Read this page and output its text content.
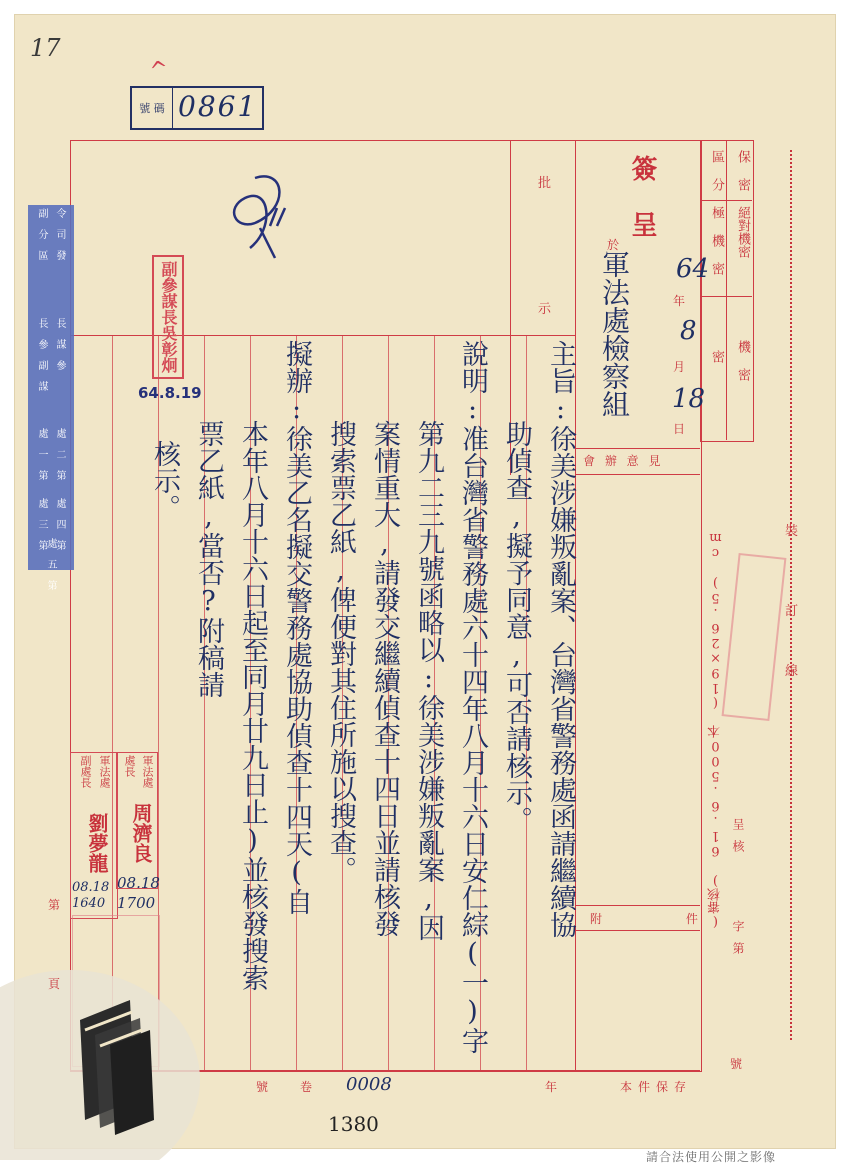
17
^
號 碼 0861
保 密
區 分
絕對機密
極 機 密
機 密
密
簽 呈
批
示
於
軍法處檢察組 64
年
8
月
18
日
會 辦 意 見
附 件
(審核) 61.6.500本 (19×26.5) cm	裝
訂
線
呈核
字第
號
副 分 區 令 司 發
長 參 副 謀 長 謀 參
處 一 第 處 二 第
處 三 第 處 四 第
處 五 第
副參謀長吳彰炯
64.8.19	主旨:徐美涉嫌叛亂案、台灣省警務處函請繼續協
助偵查,擬予同意,可否請核示。
說明:准台灣省警務處六十四年八月十六日安仁綜(一)字
第九二三九號函略以:徐美涉嫌叛亂案,因
案情重大,請發交繼續偵查十四日並請核發
搜索票乙紙,俾便對其住所施以搜查。
擬辦:徐美乙名擬交警務處協助偵查十四天(自
本年八月十六日起至同月廿九日止)並核發搜索
票乙紙,當否?附稿請
核示。
軍法處
副處長
劉夢龍
軍法處
處長
周濟良
08.18
1640
08.18
1700
第
頁
卷
號	本件保存
年
0008
1380
請合法使用公開之影像
